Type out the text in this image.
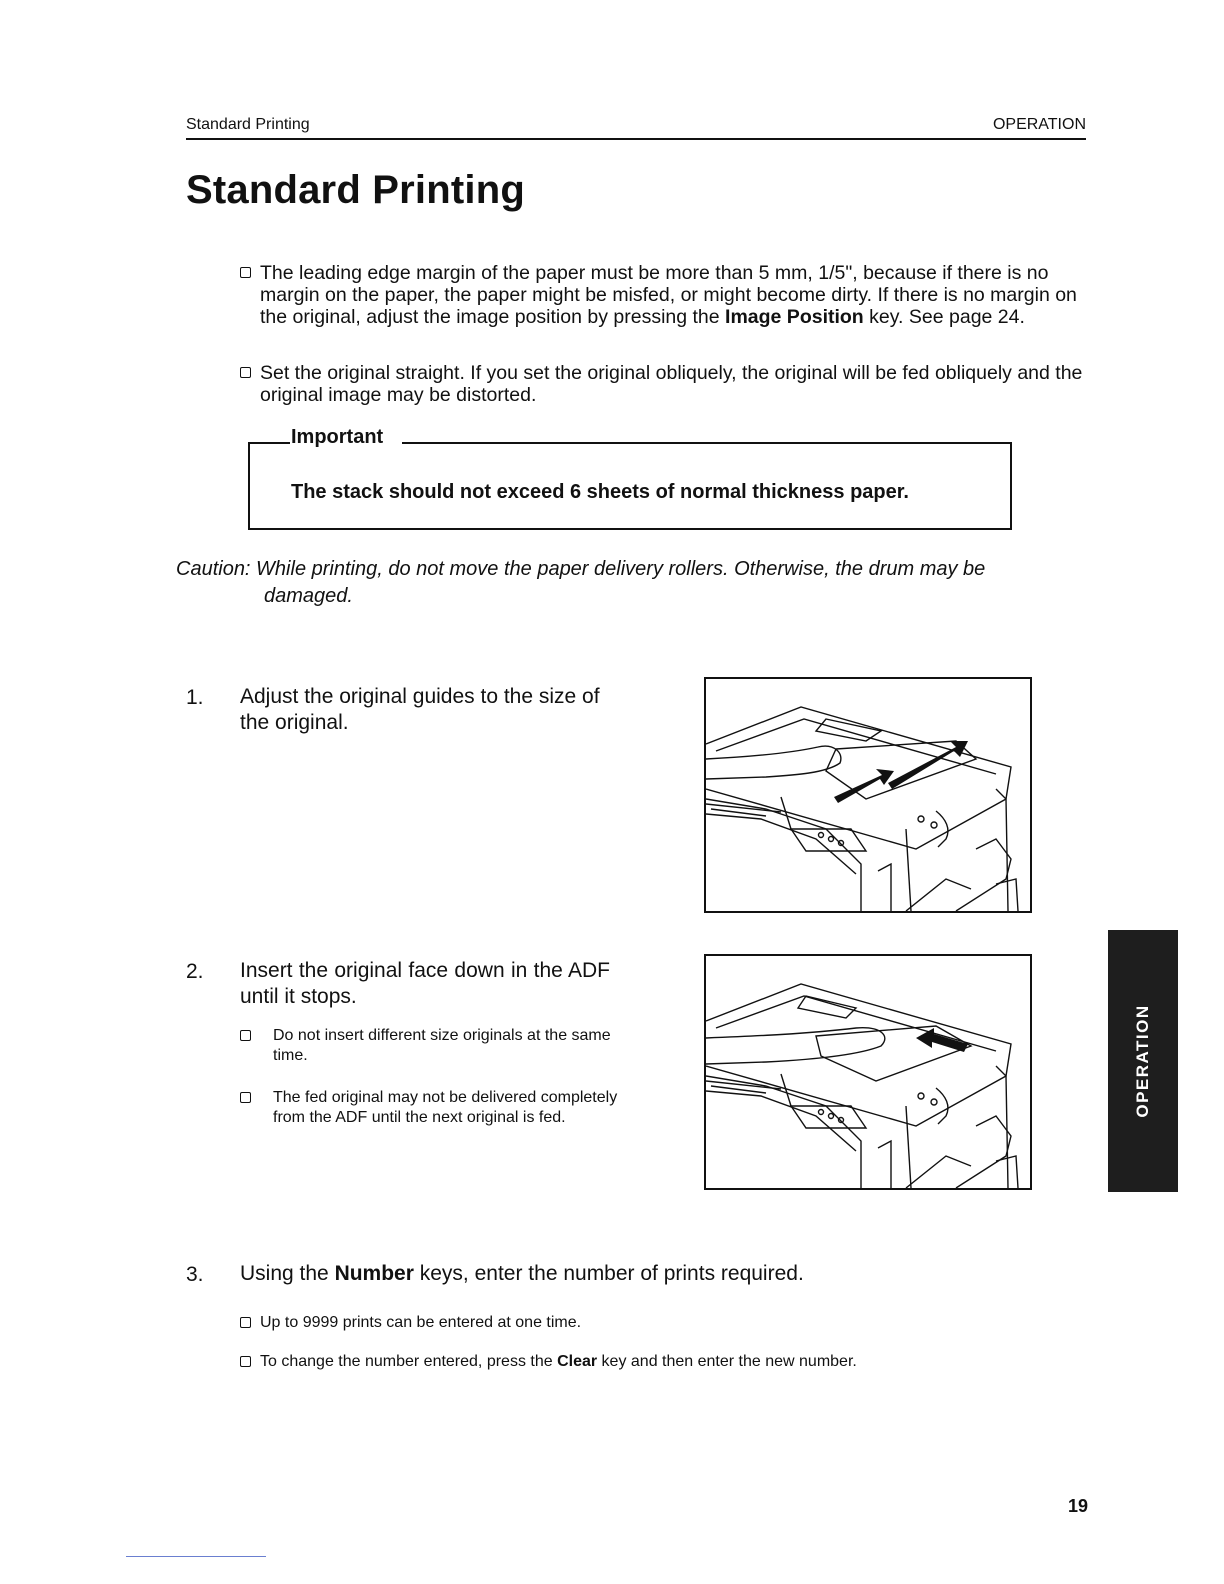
Standard Printing	OPERATION
Standard Printing
The leading edge margin of the paper must be more than 5 mm, 1/5", because if there is no margin on the paper, the paper might be misfed, or might become dirty. If there is no margin on the original, adjust the image position by pressing the Image Position key. See page 24.
Set the original straight. If you set the original obliquely, the original will be fed obliquely and the original image may be distorted.
Important
The stack should not exceed 6 sheets of normal thickness paper.
Caution: While printing, do not move the paper delivery rollers. Otherwise, the drum may be
damaged.
1. Adjust the original guides to the size of the original.
2. Insert the original face down in the ADF until it stops.
Do not insert different size originals at the same time.
The fed original may not be delivered completely from the ADF until the next original is fed.
3. Using the Number keys, enter the number of prints required.
Up to 9999 prints can be entered at one time.
To change the number entered, press the Clear key and then enter the new number.
OPERATION
19
